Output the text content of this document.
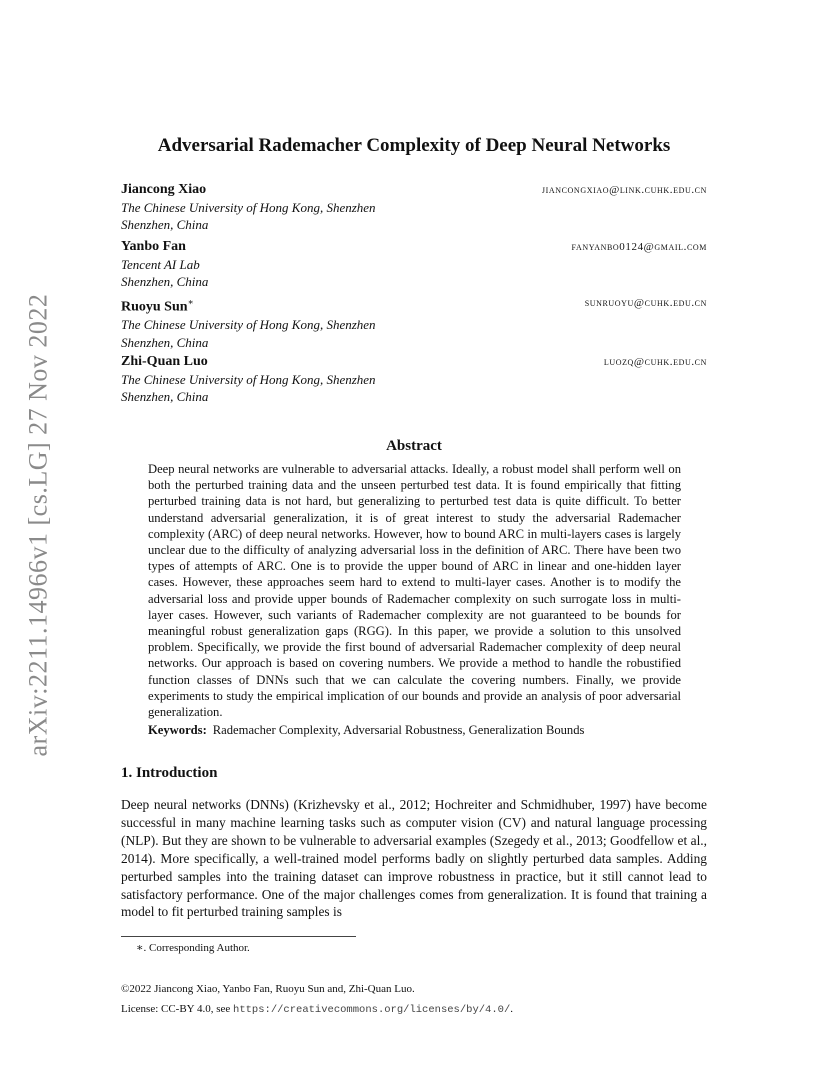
arXiv:2211.14966v1 [cs.LG] 27 Nov 2022
Adversarial Rademacher Complexity of Deep Neural Networks
Jiancong Xiao	jiancongxiao@link.cuhk.edu.cn
The Chinese University of Hong Kong, Shenzhen
Shenzhen, China
Yanbo Fan	fanyanbo0124@gmail.com
Tencent AI Lab
Shenzhen, China
Ruoyu Sun∗	sunruoyu@cuhk.edu.cn
The Chinese University of Hong Kong, Shenzhen
Shenzhen, China
Zhi-Quan Luo	luozq@cuhk.edu.cn
The Chinese University of Hong Kong, Shenzhen
Shenzhen, China
Abstract
Deep neural networks are vulnerable to adversarial attacks. Ideally, a robust model shall perform well on both the perturbed training data and the unseen perturbed test data. It is found empirically that fitting perturbed training data is not hard, but generalizing to perturbed test data is quite difficult. To better understand adversarial generalization, it is of great interest to study the adversarial Rademacher complexity (ARC) of deep neural networks. However, how to bound ARC in multi-layers cases is largely unclear due to the difficulty of analyzing adversarial loss in the definition of ARC. There have been two types of attempts of ARC. One is to provide the upper bound of ARC in linear and one-hidden layer cases. However, these approaches seem hard to extend to multi-layer cases. Another is to modify the adversarial loss and provide upper bounds of Rademacher complexity on such surrogate loss in multi-layer cases. However, such variants of Rademacher complexity are not guaranteed to be bounds for meaningful robust generalization gaps (RGG). In this paper, we provide a solution to this unsolved problem. Specifically, we provide the first bound of adversarial Rademacher complexity of deep neural networks. Our approach is based on covering numbers. We provide a method to handle the robustified function classes of DNNs such that we can calculate the covering numbers. Finally, we provide experiments to study the empirical implication of our bounds and provide an analysis of poor adversarial generalization.
Keywords: Rademacher Complexity, Adversarial Robustness, Generalization Bounds
1. Introduction
Deep neural networks (DNNs) (Krizhevsky et al., 2012; Hochreiter and Schmidhuber, 1997) have become successful in many machine learning tasks such as computer vision (CV) and natural language processing (NLP). But they are shown to be vulnerable to adversarial examples (Szegedy et al., 2013; Goodfellow et al., 2014). More specifically, a well-trained model performs badly on slightly perturbed data samples. Adding perturbed samples into the training dataset can improve robustness in practice, but it still cannot lead to satisfactory performance. One of the major challenges comes from generalization. It is found that training a model to fit perturbed training samples is
∗. Corresponding Author.
©2022 Jiancong Xiao, Yanbo Fan, Ruoyu Sun and, Zhi-Quan Luo.
License: CC-BY 4.0, see https://creativecommons.org/licenses/by/4.0/.
